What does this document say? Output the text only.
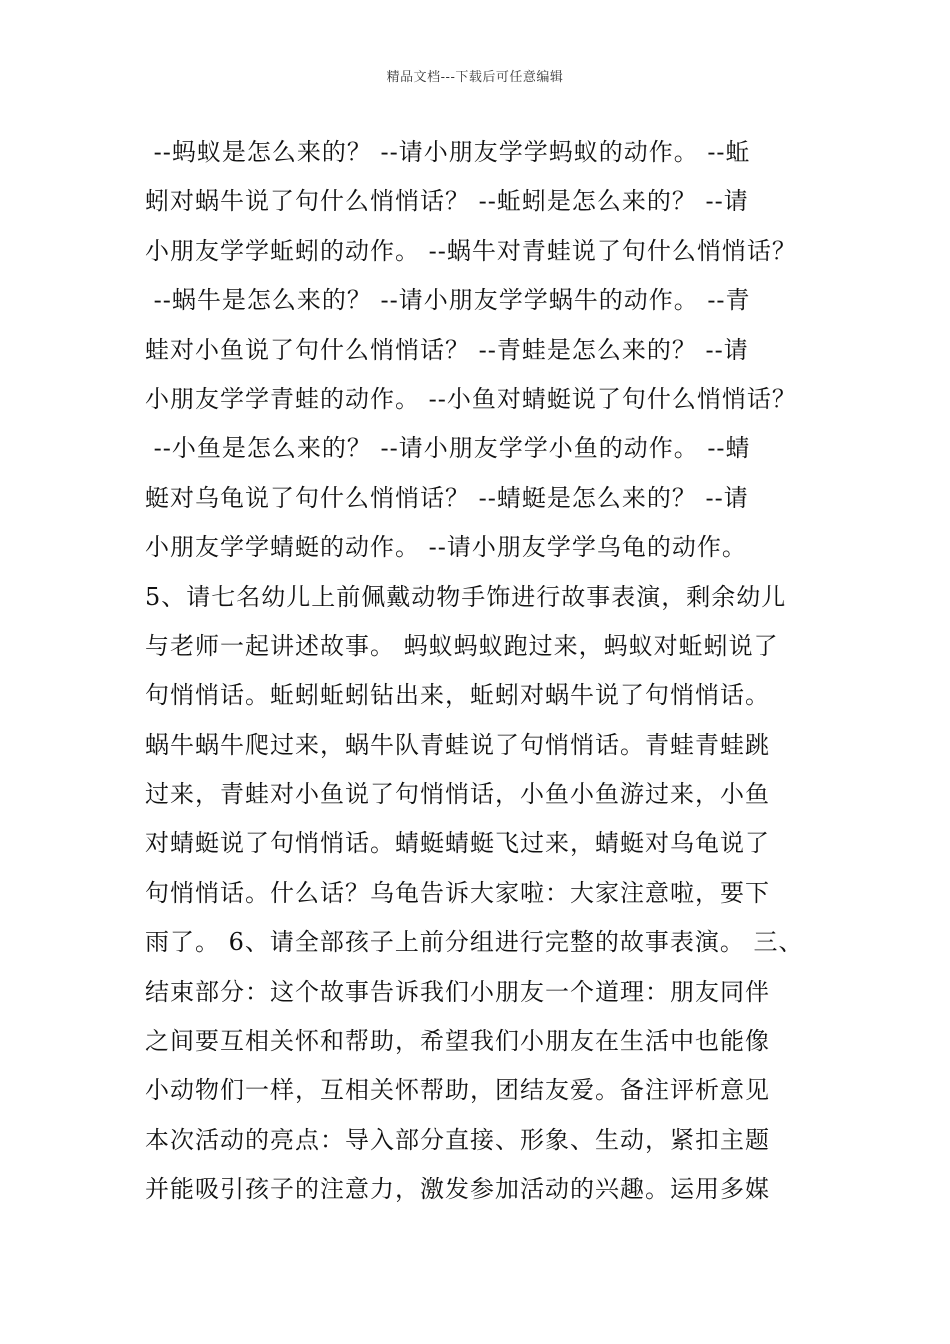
精品文档---下载后可任意编辑
--蚂蚁是怎么来的？ --请小朋友学学蚂蚁的动作。 --蚯
蚓对蜗牛说了句什么悄悄话？ --蚯蚓是怎么来的？ --请
小朋友学学蚯蚓的动作。 --蜗牛对青蛙说了句什么悄悄话？
--蜗牛是怎么来的？ --请小朋友学学蜗牛的动作。 --青
蛙对小鱼说了句什么悄悄话？ --青蛙是怎么来的？ --请
小朋友学学青蛙的动作。 --小鱼对蜻蜓说了句什么悄悄话？
--小鱼是怎么来的？ --请小朋友学学小鱼的动作。 --蜻
蜓对乌龟说了句什么悄悄话？ --蜻蜓是怎么来的？ --请
小朋友学学蜻蜓的动作。 --请小朋友学学乌龟的动作。
5、请七名幼儿上前佩戴动物手饰进行故事表演，剩余幼儿
与老师一起讲述故事。 蚂蚁蚂蚁跑过来，蚂蚁对蚯蚓说了
句悄悄话。蚯蚓蚯蚓钻出来，蚯蚓对蜗牛说了句悄悄话。
蜗牛蜗牛爬过来，蜗牛队青蛙说了句悄悄话。青蛙青蛙跳
过来，青蛙对小鱼说了句悄悄话，小鱼小鱼游过来，小鱼
对蜻蜓说了句悄悄话。蜻蜓蜻蜓飞过来，蜻蜓对乌龟说了
句悄悄话。什么话？乌龟告诉大家啦：大家注意啦，要下
雨了。 6、请全部孩子上前分组进行完整的故事表演。 三、
结束部分：这个故事告诉我们小朋友一个道理：朋友同伴
之间要互相关怀和帮助，希望我们小朋友在生活中也能像
小动物们一样，互相关怀帮助，团结友爱。备注评析意见
本次活动的亮点：导入部分直接、形象、生动，紧扣主题
并能吸引孩子的注意力，激发参加活动的兴趣。运用多媒
